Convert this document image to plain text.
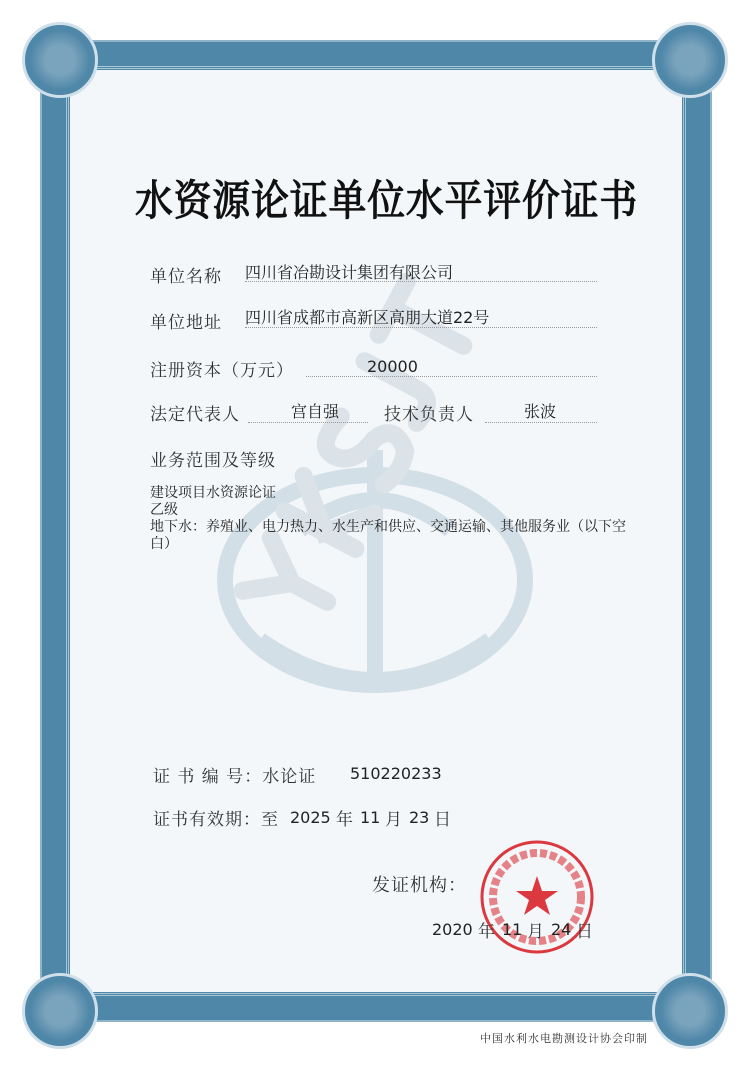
水资源论证单位水平评价证书
单位名称 四川省冶勘设计集团有限公司
单位地址 四川省成都市高新区高朋大道22号
注册资本（万元）	20000
法定代表人	宫自强	技术负责人	张波
业务范围及等级
建设项目水资源论证
乙级
地下水：养殖业、电力热力、水生产和供应、交通运输、其他服务业（以下空
白）
证 书 编 号：水论证 510220233
证书有效期：至 2025 年 11 月 23 日
发证机构：
2020 年 11 月 24 日
中国水利水电勘测设计协会印制
